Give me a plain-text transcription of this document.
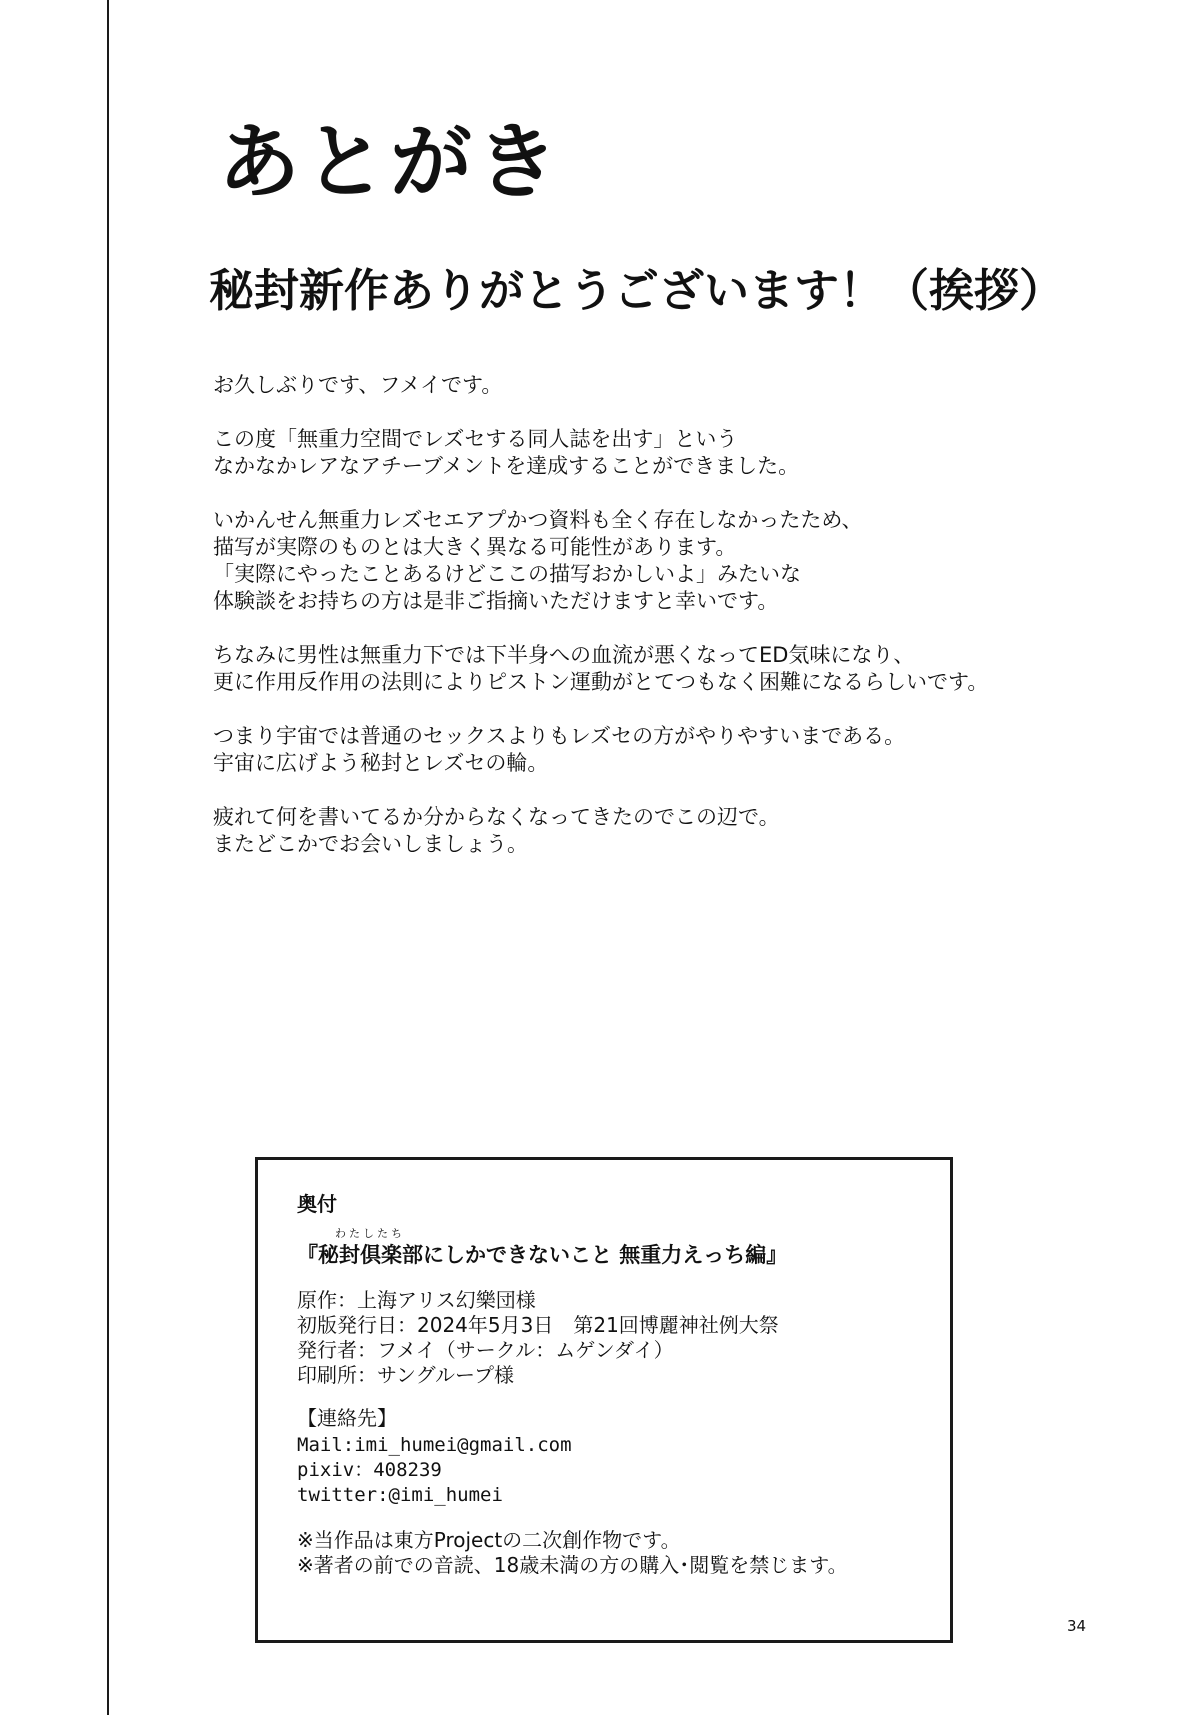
あとがき
秘封新作ありがとうございます！（挨拶）

お久しぶりです、フメイです。

この度「無重力空間でレズセする同人誌を出す」という
なかなかレアなアチーブメントを達成することができました。

いかんせん無重力レズセエアプかつ資料も全く存在しなかったため、
描写が実際のものとは大きく異なる可能性があります。
「実際にやったことあるけどここの描写おかしいよ」みたいな
体験談をお持ちの方は是非ご指摘いただけますと幸いです。

ちなみに男性は無重力下では下半身への血流が悪くなってED気味になり、
更に作用反作用の法則によりピストン運動がとてつもなく困難になるらしいです。

つまり宇宙では普通のセックスよりもレズセの方がやりやすいまである。
宇宙に広げよう秘封とレズセの輪。

疲れて何を書いてるか分からなくなってきたのでこの辺で。
またどこかでお会いしましょう。

奥付
わたしたち
『秘封倶楽部にしかできないこと 無重力えっち編』
原作：上海アリス幻樂団様
初版発行日：2024年5月3日　第21回博麗神社例大祭
発行者：フメイ（サークル：ムゲンダイ）
印刷所：サングループ様
【連絡先】
Mail:imi_humei@gmail.com
pixiv：408239
twitter:@imi_humei
※当作品は東方Projectの二次創作物です。
※著者の前での音読、18歳未満の方の購入･閲覧を禁じます。
34
